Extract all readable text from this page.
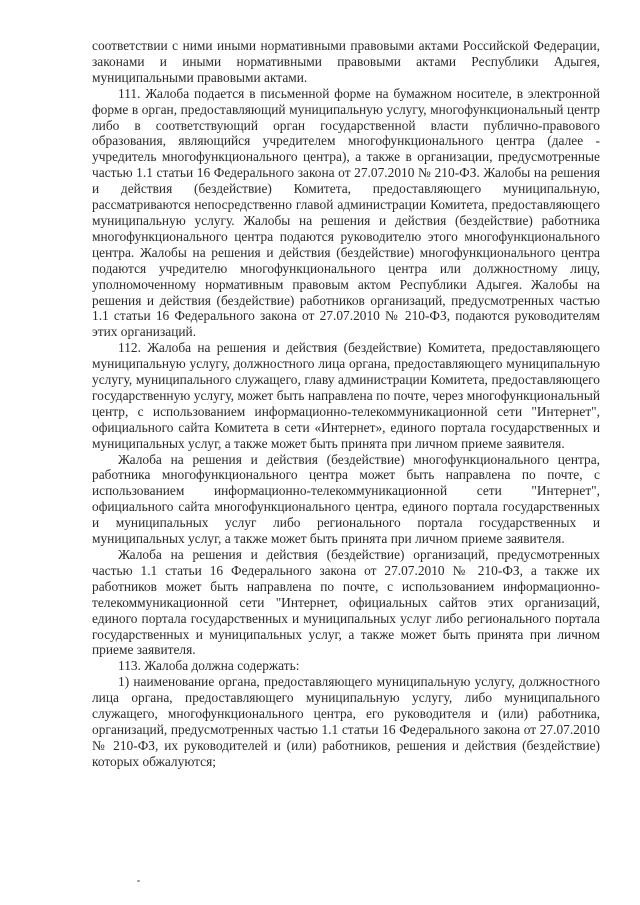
соответствии с ними иными нормативными правовыми актами Российской Федерации, законами и иными нормативными правовыми актами Республики Адыгея, муниципальными правовыми актами.

111. Жалоба подается в письменной форме на бумажном носителе, в электронной форме в орган, предоставляющий муниципальную услугу, многофункциональный центр либо в соответствующий орган государственной власти публично-правового образования, являющийся учредителем многофункционального центра (далее - учредитель многофункционального центра), а также в организации, предусмотренные частью 1.1 статьи 16 Федерального закона от 27.07.2010 № 210-ФЗ. Жалобы на решения и действия (бездействие) Комитета, предоставляющего муниципальную, рассматриваются непосредственно главой администрации Комитета, предоставляющего муниципальную услугу. Жалобы на решения и действия (бездействие) работника многофункционального центра подаются руководителю этого многофункционального центра. Жалобы на решения и действия (бездействие) многофункционального центра подаются учредителю многофункционального центра или должностному лицу, уполномоченному нормативным правовым актом Республики Адыгея. Жалобы на решения и действия (бездействие) работников организаций, предусмотренных частью 1.1 статьи 16 Федерального закона от 27.07.2010 № 210-ФЗ, подаются руководителям этих организаций.

112. Жалоба на решения и действия (бездействие) Комитета, предоставляющего муниципальную услугу, должностного лица органа, предоставляющего муниципальную услугу, муниципального служащего, главу администрации Комитета, предоставляющего государственную услугу, может быть направлена по почте, через многофункциональный центр, с использованием информационно-телекоммуникационной сети "Интернет", официального сайта Комитета в сети «Интернет», единого портала государственных и муниципальных услуг, а также может быть принята при личном приеме заявителя.

Жалоба на решения и действия (бездействие) многофункционального центра, работника многофункционального центра может быть направлена по почте, с использованием информационно-телекоммуникационной сети "Интернет", официального сайта многофункционального центра, единого портала государственных и муниципальных услуг либо регионального портала государственных и муниципальных услуг, а также может быть принята при личном приеме заявителя.

Жалоба на решения и действия (бездействие) организаций, предусмотренных частью 1.1 статьи 16 Федерального закона от 27.07.2010 № 210-ФЗ, а также их работников может быть направлена по почте, с использованием информационно-телекоммуникационной сети "Интернет, официальных сайтов этих организаций, единого портала государственных и муниципальных услуг либо регионального портала государственных и муниципальных услуг, а также может быть принята при личном приеме заявителя.

113. Жалоба должна содержать:

1) наименование органа, предоставляющего муниципальную услугу, должностного лица органа, предоставляющего муниципальную услугу, либо муниципального служащего, многофункционального центра, его руководителя и (или) работника, организаций, предусмотренных частью 1.1 статьи 16 Федерального закона от 27.07.2010 № 210-ФЗ, их руководителей и (или) работников, решения и действия (бездействие) которых обжалуются;
